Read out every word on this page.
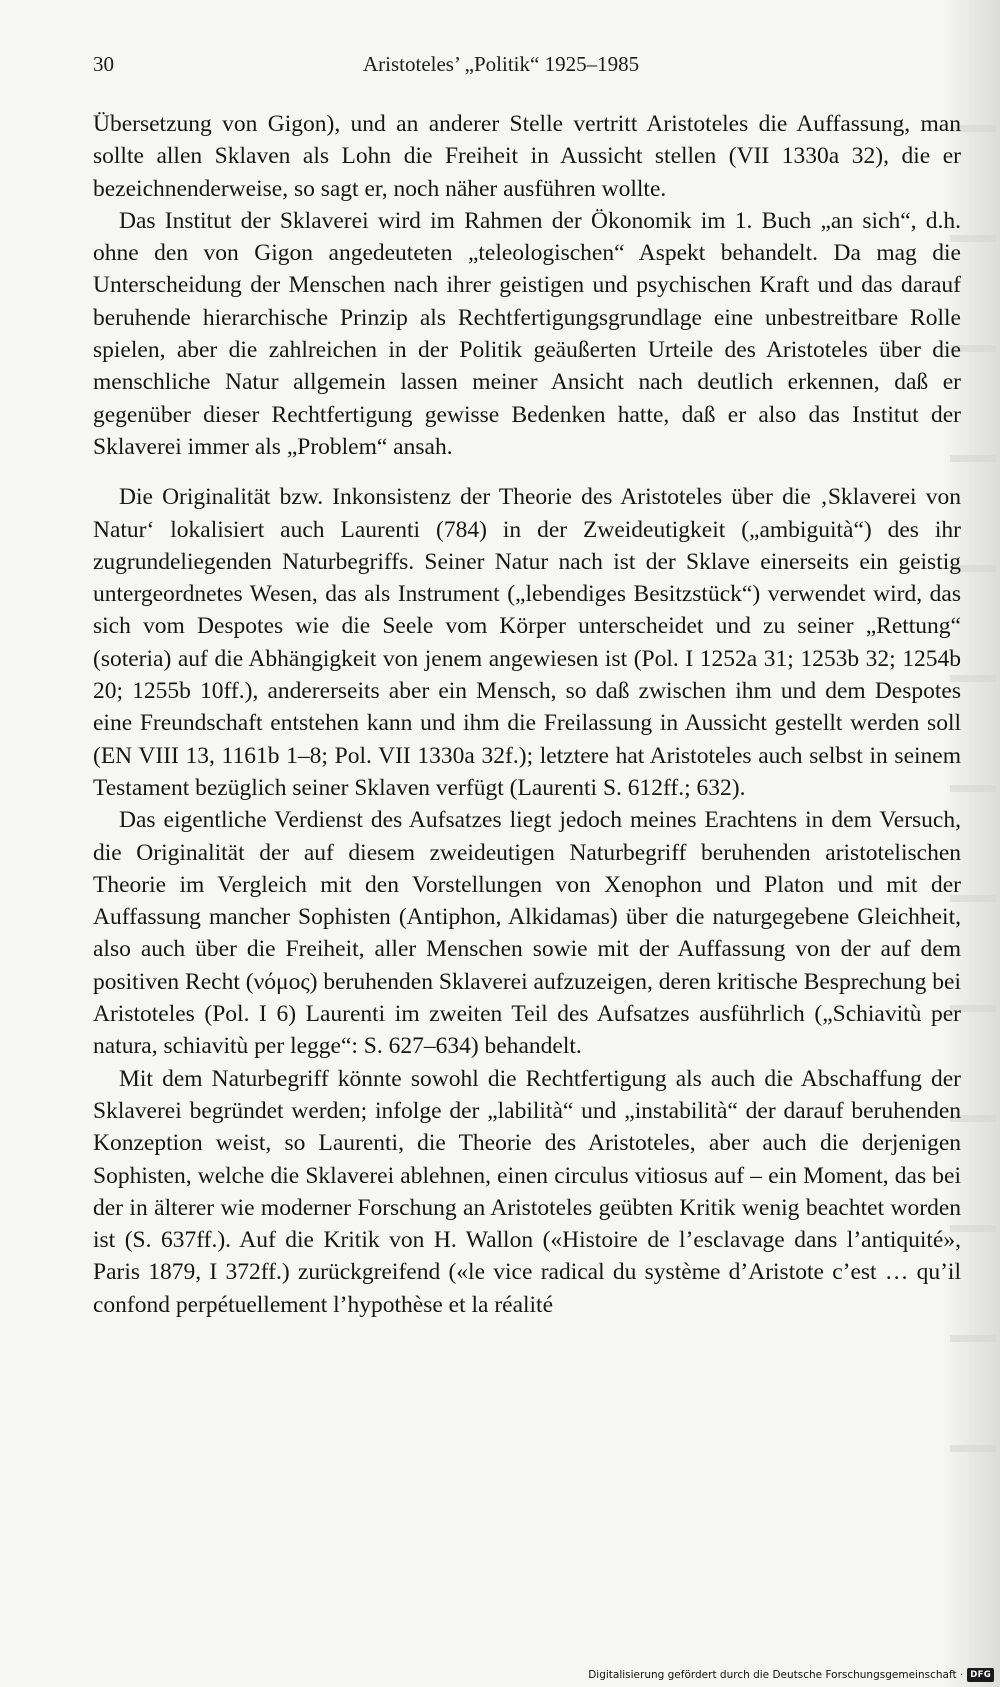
30	Aristoteles’ „Politik“ 1925–1985

Übersetzung von Gigon), und an anderer Stelle vertritt Aristoteles die Auffassung, man sollte allen Sklaven als Lohn die Freiheit in Aussicht stellen (VII 1330a 32), die er bezeichnenderweise, so sagt er, noch näher ausführen wollte.

Das Institut der Sklaverei wird im Rahmen der Ökonomik im 1. Buch „an sich“, d.h. ohne den von Gigon angedeuteten „teleologischen“ Aspekt behandelt. Da mag die Unterscheidung der Menschen nach ihrer geistigen und psychischen Kraft und das darauf beruhende hierarchische Prinzip als Rechtfertigungsgrundlage eine unbestreitbare Rolle spielen, aber die zahlreichen in der Politik geäußerten Urteile des Aristoteles über die menschliche Natur allgemein lassen meiner Ansicht nach deutlich erkennen, daß er gegenüber dieser Rechtfertigung gewisse Bedenken hatte, daß er also das Institut der Sklaverei immer als „Problem“ ansah.

Die Originalität bzw. Inkonsistenz der Theorie des Aristoteles über die ‚Sklaverei von Natur‘ lokalisiert auch Laurenti (784) in der Zweideutigkeit („ambiguità“) des ihr zugrundeliegenden Naturbegriffs. Seiner Natur nach ist der Sklave einerseits ein geistig untergeordnetes Wesen, das als Instrument („lebendiges Besitzstück“) verwendet wird, das sich vom Despotes wie die Seele vom Körper unterscheidet und zu seiner „Rettung“ (soteria) auf die Abhängigkeit von jenem angewiesen ist (Pol. I 1252a 31; 1253b 32; 1254b 20; 1255b 10ff.), andererseits aber ein Mensch, so daß zwischen ihm und dem Despotes eine Freundschaft entstehen kann und ihm die Freilassung in Aussicht gestellt werden soll (EN VIII 13, 1161b 1–8; Pol. VII 1330a 32f.); letztere hat Aristoteles auch selbst in seinem Testament bezüglich seiner Sklaven verfügt (Laurenti S. 612ff.; 632).

Das eigentliche Verdienst des Aufsatzes liegt jedoch meines Erachtens in dem Versuch, die Originalität der auf diesem zweideutigen Naturbegriff beruhenden aristotelischen Theorie im Vergleich mit den Vorstellungen von Xenophon und Platon und mit der Auffassung mancher Sophisten (Antiphon, Alkidamas) über die naturgegebene Gleichheit, also auch über die Freiheit, aller Menschen sowie mit der Auffassung von der auf dem positiven Recht (νόμος) beruhenden Sklaverei aufzuzeigen, deren kritische Besprechung bei Aristoteles (Pol. I 6) Laurenti im zweiten Teil des Aufsatzes ausführlich („Schiavitù per natura, schiavitù per legge“: S. 627–634) behandelt.

Mit dem Naturbegriff könnte sowohl die Rechtfertigung als auch die Abschaffung der Sklaverei begründet werden; infolge der „labilità“ und „instabilità“ der darauf beruhenden Konzeption weist, so Laurenti, die Theorie des Aristoteles, aber auch die derjenigen Sophisten, welche die Sklaverei ablehnen, einen circulus vitiosus auf – ein Moment, das bei der in älterer wie moderner Forschung an Aristoteles geübten Kritik wenig beachtet worden ist (S. 637ff.). Auf die Kritik von H. Wallon («Histoire de l’esclavage dans l’antiquité», Paris 1879, I 372ff.) zurückgreifend («le vice radical du système d’Aristote c’est … qu’il confond perpétuellement l’hypothèse et la réalité

Digitalisierung gefördert durch die Deutsche Forschungsgemeinschaft · DFG
